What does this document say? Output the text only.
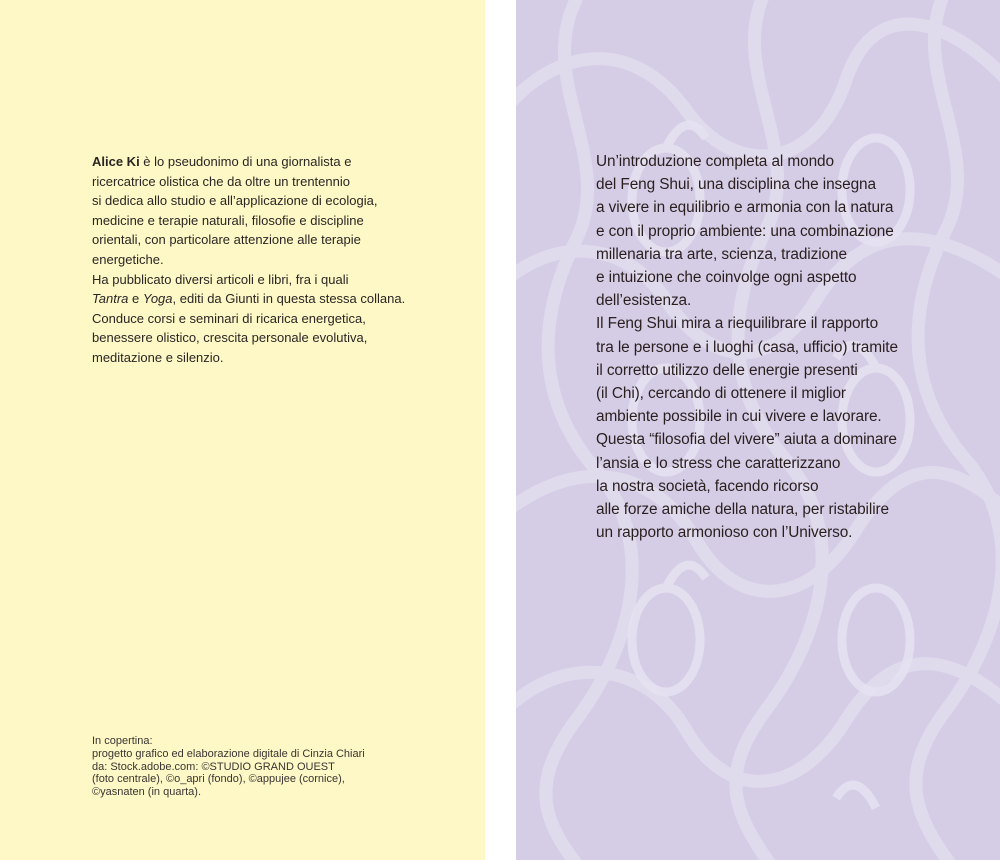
Alice Ki è lo pseudonimo di una giornalista e

ricercatrice olistica che da oltre un trentennio

si dedica allo studio e all’applicazione di ecologia,

medicine e terapie naturali, filosofie e discipline

orientali, con particolare attenzione alle terapie

energetiche.

Ha pubblicato diversi articoli e libri, fra i quali

Tantra e Yoga, editi da Giunti in questa stessa collana.

Conduce corsi e seminari di ricarica energetica,

benessere olistico, crescita personale evolutiva,

meditazione e silenzio.

In copertina:

progetto grafico ed elaborazione digitale di Cinzia Chiari

da: Stock.adobe.com: ©STUDIO GRAND OUEST

(foto centrale), ©o_apri (fondo), ©appujee (cornice),

©yasnaten (in quarta).

Un’introduzione completa al mondo

del Feng Shui, una disciplina che insegna

a vivere in equilibrio e armonia con la natura

e con il proprio ambiente: una combinazione

millenaria tra arte, scienza, tradizione

e intuizione che coinvolge ogni aspetto

dell’esistenza.

Il Feng Shui mira a riequilibrare il rapporto

tra le persone e i luoghi (casa, ufficio) tramite

il corretto utilizzo delle energie presenti

(il Chi), cercando di ottenere il miglior

ambiente possibile in cui vivere e lavorare.

Questa “filosofia del vivere” aiuta a dominare

l’ansia e lo stress che caratterizzano

la nostra società, facendo ricorso

alle forze amiche della natura, per ristabilire

un rapporto armonioso con l’Universo.
